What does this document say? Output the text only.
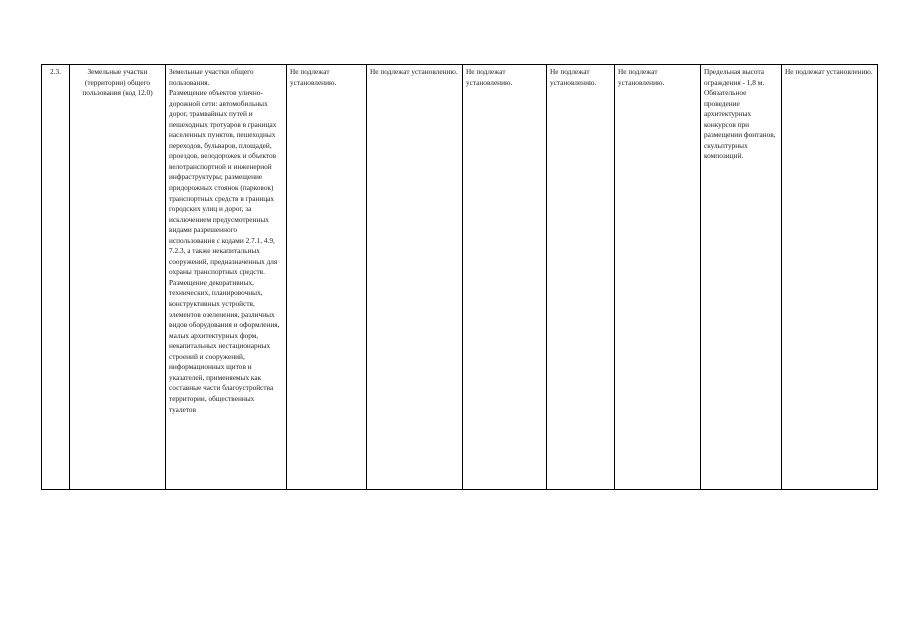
2.3.	Земельные участки (территории) общего пользования (код 12.0)	Земельные участки общего пользования.
Размещение объектов улично-дорожной сети: автомобильных дорог, трамвайных путей и пешеходных тротуаров в границах населенных пунктов, пешеходных переходов, бульваров, площадей, проездов, велодорожек и объектов велотранспортной и инженерной инфраструктуры; размещение придорожных стоянок (парковок) транспортных средств в границах городских улиц и дорог, за исключением предусмотренных видами разрешенного использования с кодами 2.7.1, 4.9, 7.2.3, а также некапитальных сооружений, предназначенных для охраны транспортных средств.
Размещение декоративных, технических, планировочных, конструктивных устройств, элементов озеленения, различных видов оборудования и оформления, малых архитектурных форм, некапитальных нестационарных строений и сооружений, информационных щитов и указателей, применяемых как составные части благоустройства территории, общественных туалетов	Не подлежат установлению.	Не подлежат установлению.	Не подлежат установлению.	Не подлежат установлению.	Не подлежат установлению.	Предельная высота ограждения - 1,8 м.
Обязательное проведение архитектурных конкурсов при размещении фонтанов, скульптурных композиций.	Не подлежат установлению.
